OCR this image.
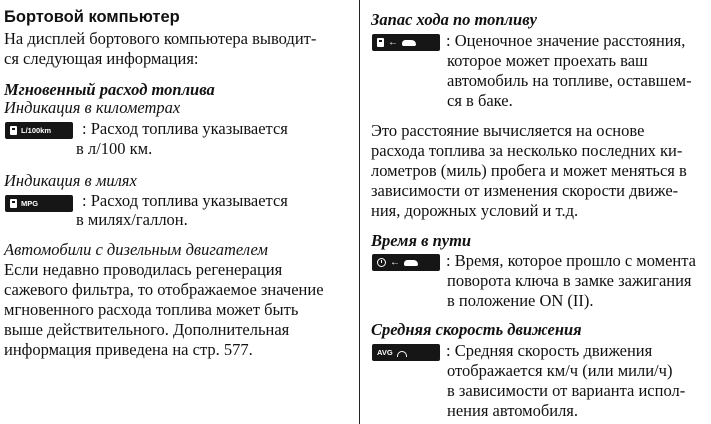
Бортовой компьютер
На дисплей бортового компьютера выводит-
ся следующая информация:
Мгновенный расход топлива
Индикация в километрах
L/100km : Расход топлива указывается
в л/100 км.
Индикация в милях
MPG	: Расход топлива указывается
в милях/галлон.
Автомобили с дизельным двигателем
Если недавно проводилась регенерация
сажевого фильтра, то отображаемое значение
мгновенного расхода топлива может быть
выше действительного. Дополнительная
информация приведена на стр. 577.
Запас хода по топливу
←	: Оценочное значение расстояния,
которое может проехать ваш
автомобиль на топливе, оставшем-
ся в баке.
Это расстояние вычисляется на основе
расхода топлива за несколько последних ки-
лометров (миль) пробега и может меняться в
зависимости от изменения скорости движе-
ния, дорожных условий и т.д.
Время в пути
←	: Время, которое прошло с момента
поворота ключа в замке зажигания
в положение ON (II).
Средняя скорость движения
AVG	: Средняя скорость движения
отображается км/ч (или мили/ч)
в зависимости от варианта испол-
нения автомобиля.
